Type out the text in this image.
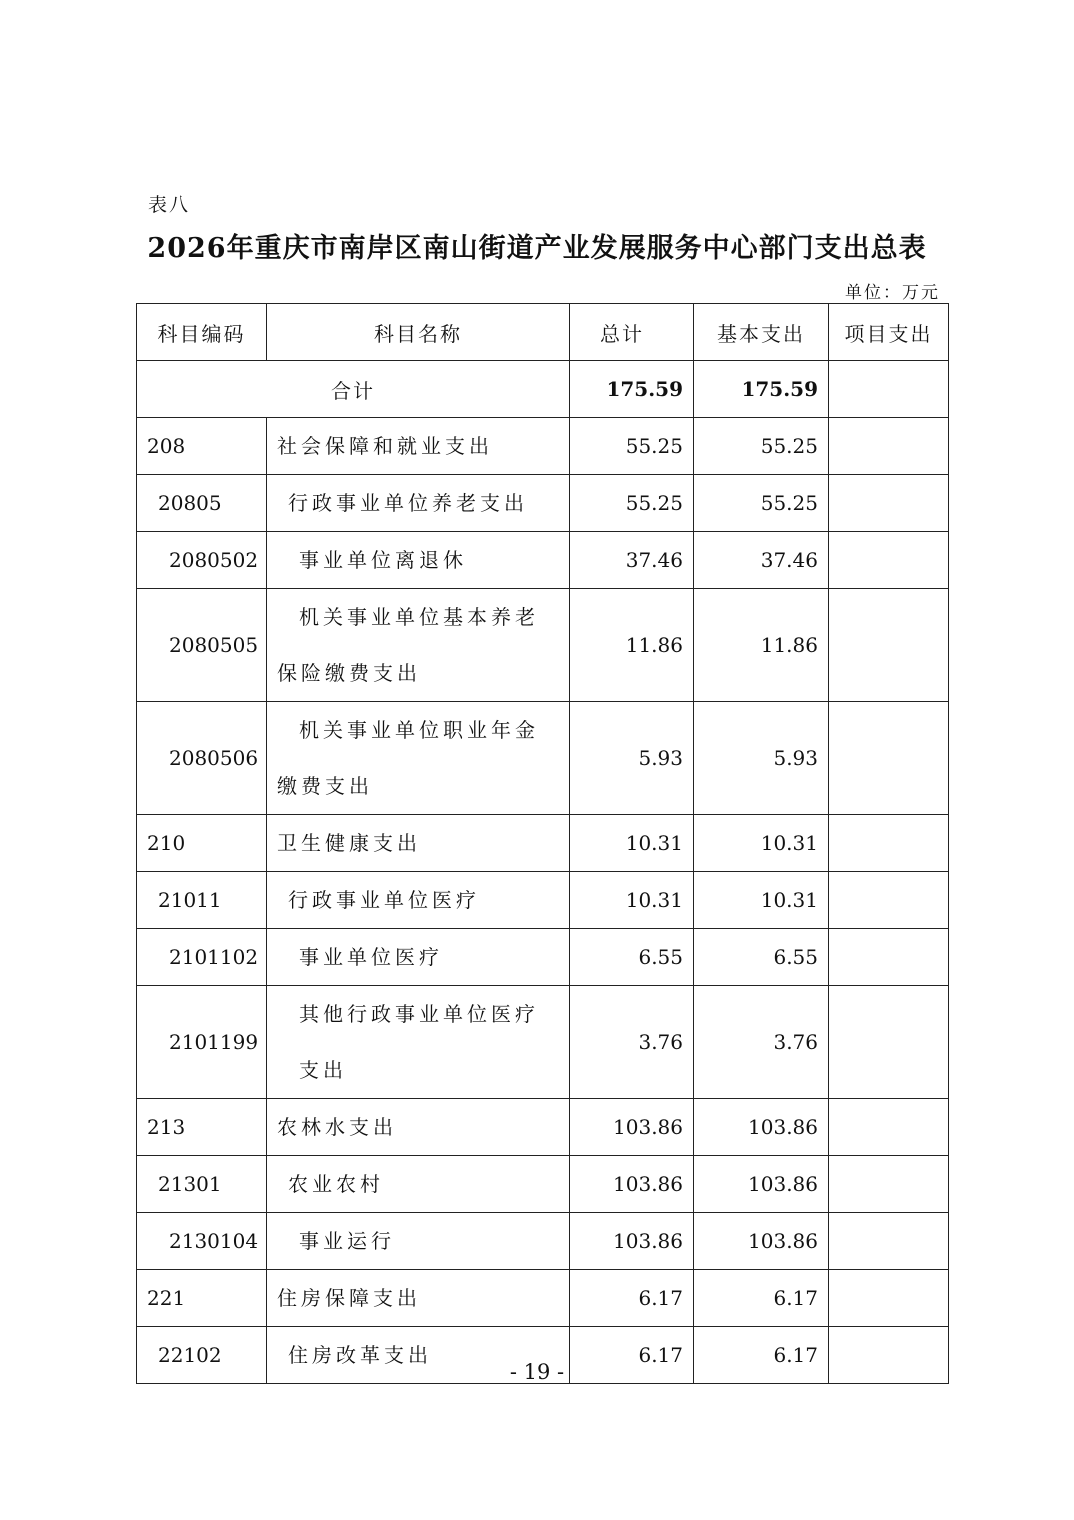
表八
2026年重庆市南岸区南山街道产业发展服务中心部门支出总表
单位：万元
科目编码	科目名称	总计	基本支出	项目支出
合计		175.59	175.59	
208	社会保障和就业支出	55.25	55.25	
20805	行政事业单位养老支出	55.25	55.25	
2080502	事业单位离退休	37.46	37.46	
2080505	机关事业单位基本养老保险缴费支出	11.86	11.86	
2080506	机关事业单位职业年金缴费支出	5.93	5.93	
210	卫生健康支出	10.31	10.31	
21011	行政事业单位医疗	10.31	10.31	
2101102	事业单位医疗	6.55	6.55	
2101199	其他行政事业单位医疗支出	3.76	3.76	
213	农林水支出	103.86	103.86	
21301	农业农村	103.86	103.86	
2130104	事业运行	103.86	103.86	
221	住房保障支出	6.17	6.17	
22102	住房改革支出	6.17	6.17	
- 19 -
